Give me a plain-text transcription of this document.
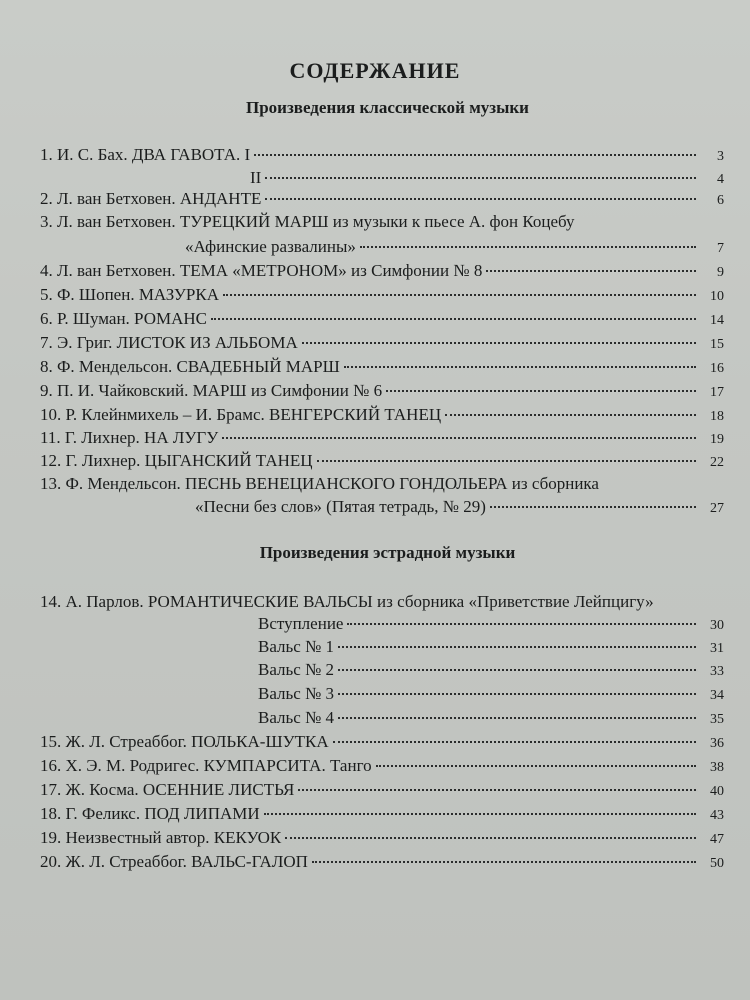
СОДЕРЖАНИЕ
Произведения классической музыки
1. И. С. Бах. ДВА ГАВОТА. I	3
II	4
2. Л. ван Бетховен. АНДАНТЕ	6
3. Л. ван Бетховен. ТУРЕЦКИЙ МАРШ из музыки к пьесе А. фон Коцебу
«Афинские развалины»	7
4. Л. ван Бетховен. ТЕМА «МЕТРОНОМ» из Симфонии № 8	9
5. Ф. Шопен. МАЗУРКА	10
6. Р. Шуман. РОМАНС	14
7. Э. Григ. ЛИСТОК ИЗ АЛЬБОМА	15
8. Ф. Мендельсон. СВАДЕБНЫЙ МАРШ	16
9. П. И. Чайковский. МАРШ из Симфонии № 6	17
10. Р. Клейнмихель – И. Брамс. ВЕНГЕРСКИЙ ТАНЕЦ	18
11. Г. Лихнер. НА ЛУГУ	19
12. Г. Лихнер. ЦЫГАНСКИЙ ТАНЕЦ	22
13. Ф. Мендельсон. ПЕСНЬ ВЕНЕЦИАНСКОГО ГОНДОЛЬЕРА из сборника
«Песни без слов» (Пятая тетрадь, № 29)	27
Произведения эстрадной музыки
14. А. Парлов. РОМАНТИЧЕСКИЕ ВАЛЬСЫ из сборника «Приветствие Лейпцигу»
Вступление	30
Вальс № 1	31
Вальс № 2	33
Вальс № 3	34
Вальс № 4	35
15. Ж. Л. Стреаббог. ПОЛЬКА-ШУТКА	36
16. Х. Э. М. Родригес. КУМПАРСИТА. Танго	38
17. Ж. Косма. ОСЕННИЕ ЛИСТЬЯ	40
18. Г. Феликс. ПОД ЛИПАМИ	43
19. Неизвестный автор. КЕКУОК	47
20. Ж. Л. Стреаббог. ВАЛЬС-ГАЛОП	50
